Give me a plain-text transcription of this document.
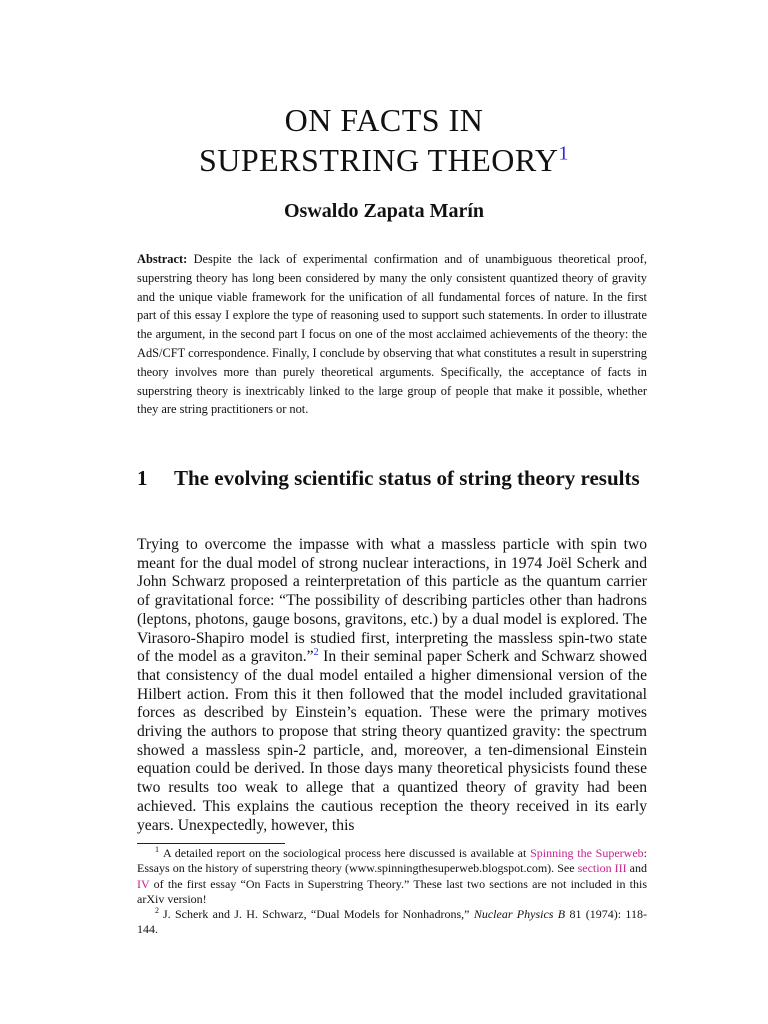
ON FACTS IN
SUPERSTRING THEORY$^1$

Oswaldo Zapata Marín

Abstract: Despite the lack of experimental confirmation and of unambiguous theoretical proof, superstring theory has long been considered by many the only consistent quantized theory of gravity and the unique viable framework for the unification of all fundamental forces of nature. In the first part of this essay I explore the type of reasoning used to support such statements. In order to illustrate the argument, in the second part I focus on one of the most acclaimed achievements of the theory: the AdS/CFT correspondence. Finally, I conclude by observing that what constitutes a result in superstring theory involves more than purely theoretical arguments. Specifically, the acceptance of facts in superstring theory is inextricably linked to the large group of people that make it possible, whether they are string practitioners or not.

1	The evolving scientific status of string theory results

Trying to overcome the impasse with what a massless particle with spin two meant for the dual model of strong nuclear interactions, in 1974 Joël Scherk and John Schwarz proposed a reinterpretation of this particle as the quantum carrier of gravitational force: “The possibility of describing particles other than hadrons (leptons, photons, gauge bosons, gravitons, etc.) by a dual model is explored. The Virasoro-Shapiro model is studied first, interpreting the massless spin-two state of the model as a graviton.”$^2$ In their seminal paper Scherk and Schwarz showed that consistency of the dual model entailed a higher dimensional version of the Hilbert action. From this it then followed that the model included gravitational forces as described by Einstein’s equation. These were the primary motives driving the authors to propose that string theory quantized gravity: the spectrum showed a massless spin-2 particle, and, moreover, a ten-dimensional Einstein equation could be derived. In those days many theoretical physicists found these two results too weak to allege that a quantized theory of gravity had been achieved. This explains the cautious reception the theory received in its early years. Unexpectedly, however, this

$^1$ A detailed report on the sociological process here discussed is available at Spinning the Superweb: Essays on the history of superstring theory (www.spinningthesuperweb.blogspot.com). See section III and IV of the first essay “On Facts in Superstring Theory.” These last two sections are not included in this arXiv version!

$^2$ J. Scherk and J. H. Schwarz, “Dual Models for Nonhadrons,” Nuclear Physics B 81 (1974): 118-144.
